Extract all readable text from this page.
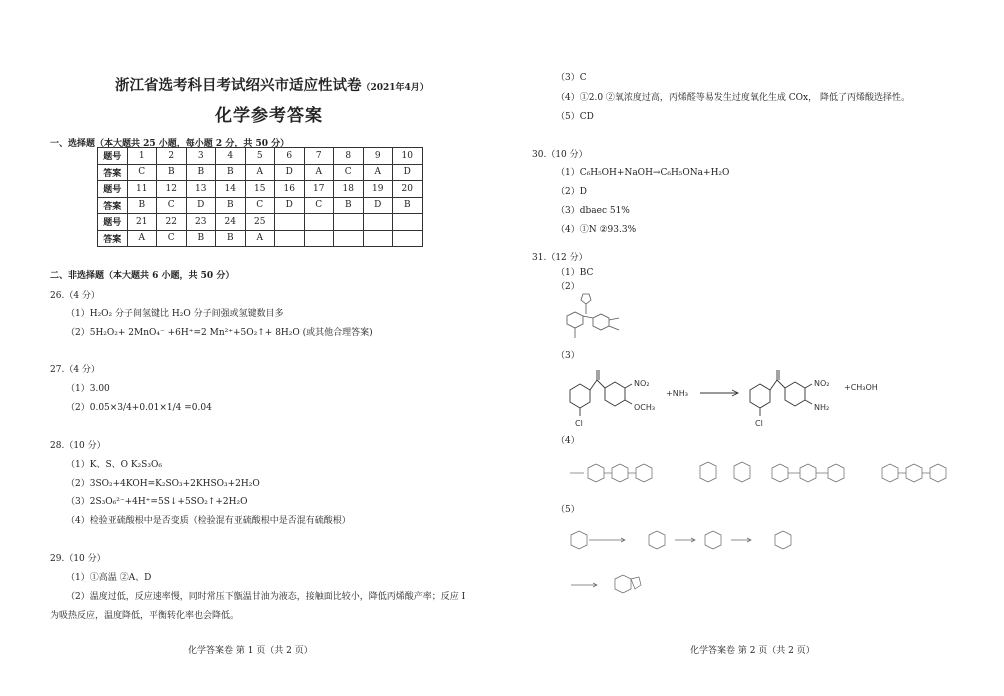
浙江省选考科目考试绍兴市适应性试卷（2021年4月）
化学参考答案
一、选择题（本大题共 25 小题，每小题 2 分，共 50 分）
题号	1	2	3	4	5	6	7	8	9	10
答案	C	B	B	B	A	D	A	C	A	D
题号	11	12	13	14	15	16	17	18	19	20
答案	B	C	D	B	C	D	C	B	D	B
题号	21	22	23	24	25					
答案	A	C	B	B	A					
二、非选择题（本大题共 6 小题，共 50 分）
26.（4 分）
（1）H₂O₂ 分子间氢键比 H₂O 分子间强或氢键数目多
（2）5H₂O₂+ 2MnO₄⁻ +6H⁺=2 Mn²⁺+5O₂↑+ 8H₂O (或其他合理答案)
27.（4 分）
（1）3.00
（2）0.05×3/4+0.01×1/4 =0.04
28.（10 分）
（1）K、S、O K₂S₃O₆
（2）3SO₂+4KOH=K₂SO₃+2KHSO₃+2H₂O
（3）2S₃O₆²⁻+4H⁺=5S↓+5SO₂↑+2H₂O
（4）检验亚硫酸根中是否变质（检验混有亚硫酸根中是否混有硫酸根）
29.（10 分）
（1）①高温 ②A、D
（2）温度过低，反应速率慢，同时常压下甑温甘油为液态，接触面比较小，降低丙烯酸产率；反应 I
为吸热反应，温度降低，平衡转化率也会降低。
化学答案卷 第 1 页（共 2 页）
（3）C
（4）①2.0 ②氧浓度过高，丙烯醛等易发生过度氧化生成 COx， 降低了丙烯酸选择性。
（5）CD
30.（10 分）
（1）C₆H₅OH+NaOH→C₆H₅ONa+H₂O
（2）D
（3）dbaec 51%
（4）①N ②93.3%
31.（12 分）
（1）BC
（2）
（3）
NO₂
OCH₃
Cl
+NH₃
NO₂
NH₂
Cl
+CH₃OH
（4）
（5）
化学答案卷 第 2 页（共 2 页）
